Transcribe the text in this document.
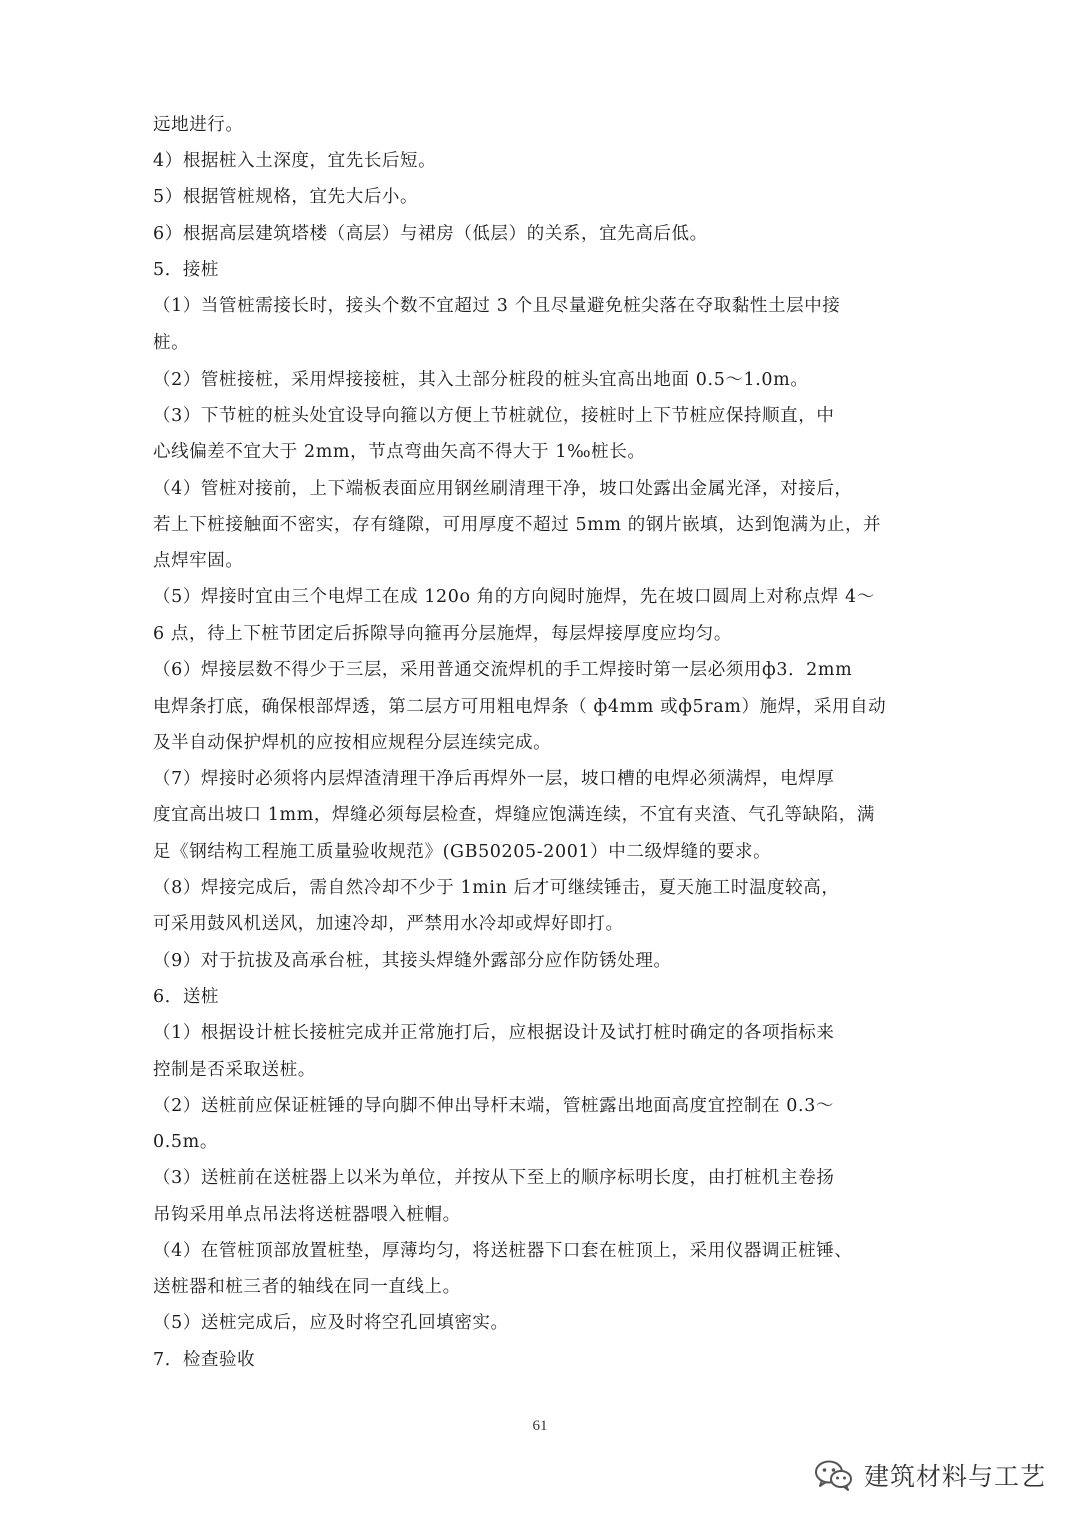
远地进行。
4）根据桩入土深度，宜先长后短。
5）根据管桩规格，宜先大后小。
6）根据高层建筑塔楼（高层）与裙房（低层）的关系，宜先高后低。
5．接桩
（1）当管桩需接长时，接头个数不宜超过 3 个且尽量避免桩尖落在夺取黏性土层中接
桩。
（2）管桩接桩，采用焊接接桩，其入土部分桩段的桩头宜高出地面 0.5～1.0m。
（3）下节桩的桩头处宜设导向箍以方便上节桩就位，接桩时上下节桩应保持顺直，中
心线偏差不宜大于 2mm，节点弯曲矢高不得大于 1‰桩长。
（4）管桩对接前，上下端板表面应用钢丝刷清理干净，坡口处露出金属光泽，对接后，
若上下桩接触面不密实，存有缝隙，可用厚度不超过 5mm 的钢片嵌填，达到饱满为止，并
点焊牢固。
（5）焊接时宜由三个电焊工在成 120o 角的方向阋时施焊，先在坡口圆周上对称点焊 4～
6 点，待上下桩节团定后拆隙导向箍再分层施焊，每层焊接厚度应均匀。
（6）焊接层数不得少于三层，采用普通交流焊机的手工焊接时第一层必须用ф3．2mm
电焊条打底，确保根部焊透，第二层方可用粗电焊条（ ф4mm 或ф5ram）施焊，采用自动
及半自动保护焊机的应按相应规程分层连续完成。
（7）焊接时必须将内层焊渣清理干净后再焊外一层，坡口槽的电焊必须满焊，电焊厚
度宜高出坡口 1mm，焊缝必须每层检查，焊缝应饱满连续，不宜有夹渣、气孔等缺陷，满
足《钢结构工程施工质量验收规范》(GB50205-2001）中二级焊缝的要求。
（8）焊接完成后，需自然冷却不少于 1min 后才可继续锤击，夏天施工时温度较高，
可采用鼓风机送风，加速冷却，严禁用水冷却或焊好即打。
（9）对于抗拔及高承台桩，其接头焊缝外露部分应作防锈处理。
6．送桩
（1）根据设计桩长接桩完成并正常施打后，应根据设计及试打桩时确定的各项指标来
控制是否采取送桩。
（2）送桩前应保证桩锤的导向脚不伸出导杆末端，管桩露出地面高度宜控制在 0.3～
0.5m。
（3）送桩前在送桩器上以米为单位，并按从下至上的顺序标明长度，由打桩机主卷扬
吊钩采用单点吊法将送桩器喂入桩帽。
（4）在管桩顶部放置桩垫，厚薄均匀，将送桩器下口套在桩顶上，采用仪器调正桩锤、
送桩器和桩三者的轴线在同一直线上。
（5）送桩完成后，应及时将空孔回填密实。
7．检查验收
61
建筑材料与工艺
